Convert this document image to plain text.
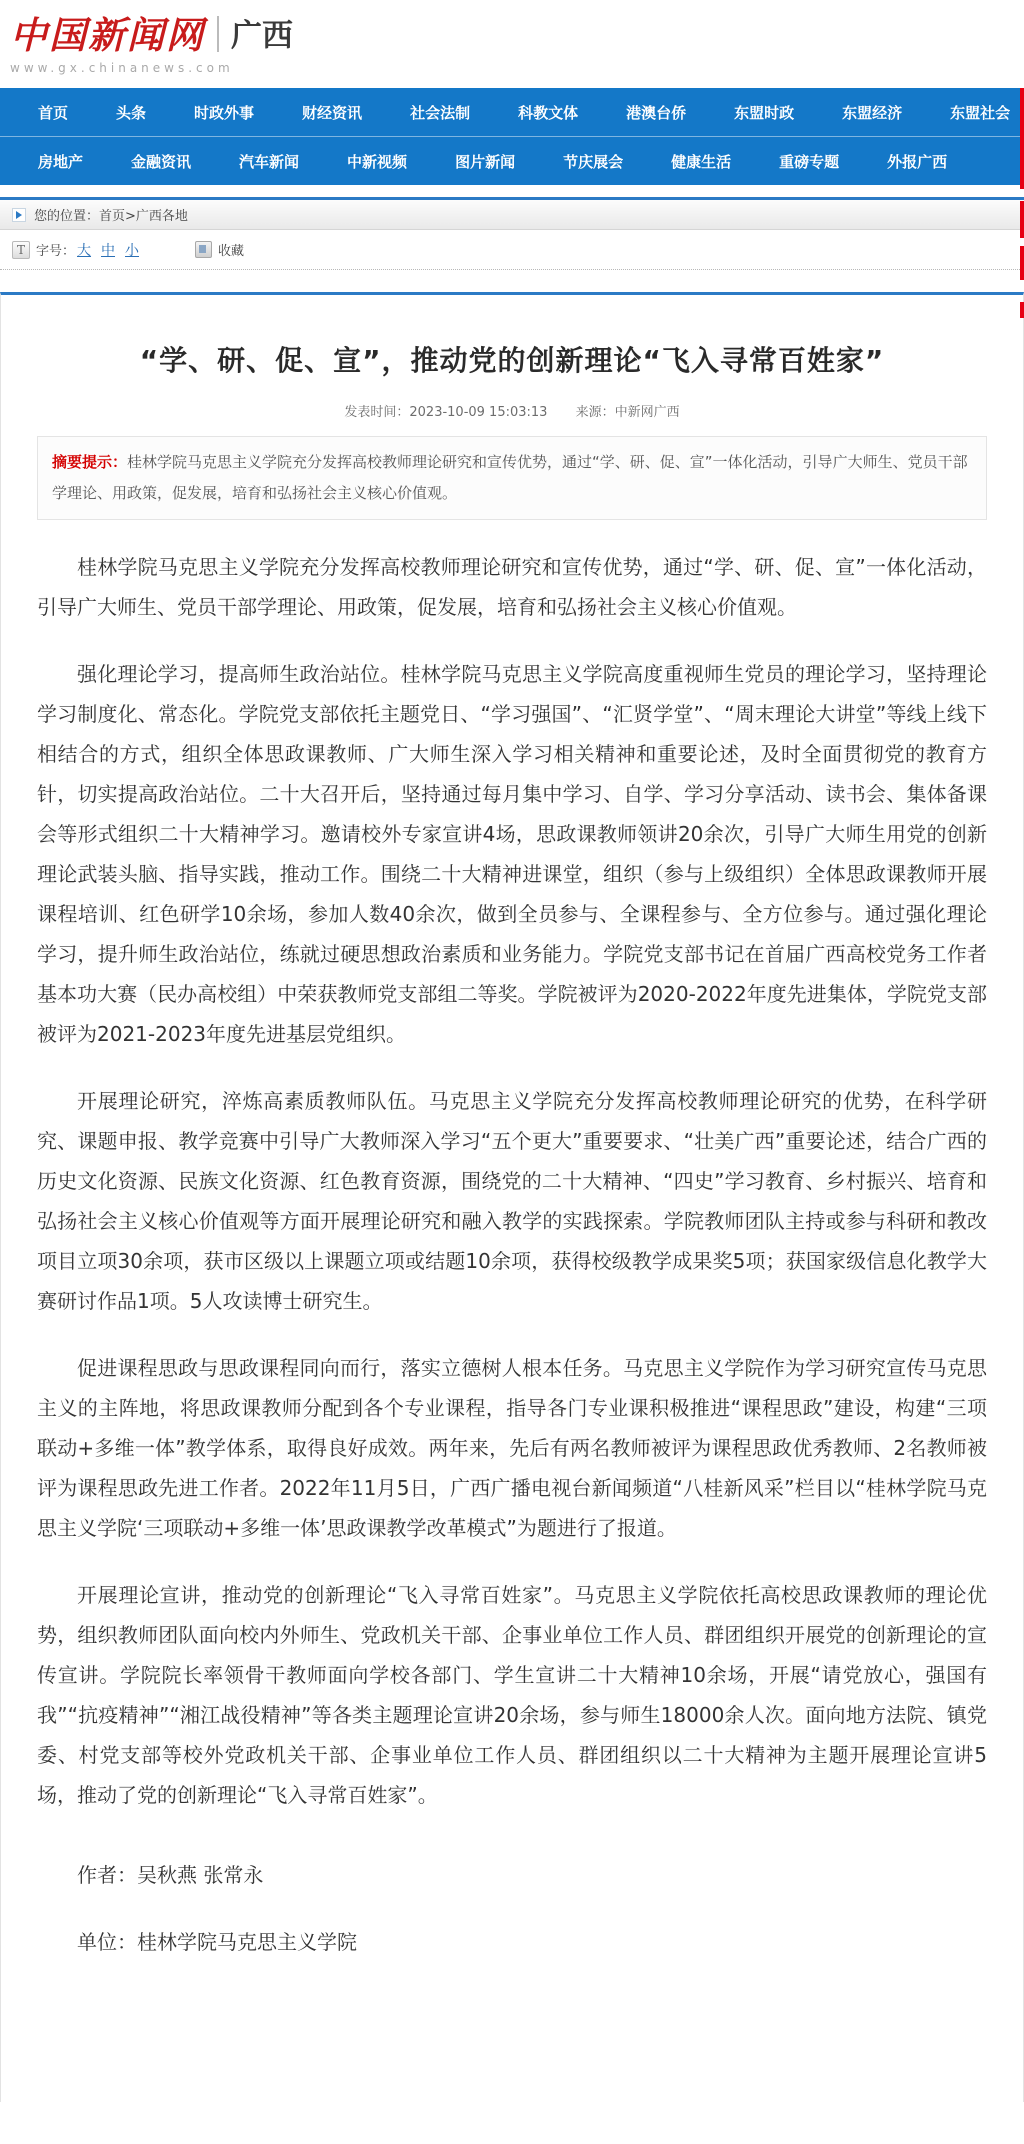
中国新闻网 广西
www.gx.chinanews.com
首页	头条	时政外事	财经资讯	社会法制	科教文体	港澳台侨	东盟时政	东盟经济	东盟社会
房地产	金融资讯	汽车新闻	中新视频	图片新闻	节庆展会	健康生活	重磅专题	外报广西
您的位置： 首页>广西各地
T 字号： 大 中 小	收藏
“学、研、促、宣”，推动党的创新理论“飞入寻常百姓家”
发表时间：2023-10-09 15:03:13 来源：中新网广西
摘要提示：桂林学院马克思主义学院充分发挥高校教师理论研究和宣传优势，通过“学、研、促、宣”一体化活动，引导广大师生、党员干部学理论、用政策，促发展，培育和弘扬社会主义核心价值观。

桂林学院马克思主义学院充分发挥高校教师理论研究和宣传优势，通过“学、研、促、宣”一体化活动，引导广大师生、党员干部学理论、用政策，促发展，培育和弘扬社会主义核心价值观。

强化理论学习，提高师生政治站位。桂林学院马克思主义学院高度重视师生党员的理论学习，坚持理论学习制度化、常态化。学院党支部依托主题党日、“学习强国”、“汇贤学堂”、“周末理论大讲堂”等线上线下相结合的方式，组织全体思政课教师、广大师生深入学习相关精神和重要论述，及时全面贯彻党的教育方针，切实提高政治站位。二十大召开后，坚持通过每月集中学习、自学、学习分享活动、读书会、集体备课会等形式组织二十大精神学习。邀请校外专家宣讲4场，思政课教师领讲20余次，引导广大师生用党的创新理论武装头脑、指导实践，推动工作。围绕二十大精神进课堂，组织（参与上级组织）全体思政课教师开展课程培训、红色研学10余场，参加人数40余次，做到全员参与、全课程参与、全方位参与。通过强化理论学习，提升师生政治站位，练就过硬思想政治素质和业务能力。学院党支部书记在首届广西高校党务工作者基本功大赛（民办高校组）中荣获教师党支部组二等奖。学院被评为2020-2022年度先进集体，学院党支部被评为2021-2023年度先进基层党组织。

开展理论研究，淬炼高素质教师队伍。马克思主义学院充分发挥高校教师理论研究的优势，在科学研究、课题申报、教学竞赛中引导广大教师深入学习“五个更大”重要要求、“壮美广西”重要论述，结合广西的历史文化资源、民族文化资源、红色教育资源，围绕党的二十大精神、“四史”学习教育、乡村振兴、培育和弘扬社会主义核心价值观等方面开展理论研究和融入教学的实践探索。学院教师团队主持或参与科研和教改项目立项30余项，获市区级以上课题立项或结题10余项，获得校级教学成果奖5项；获国家级信息化教学大赛研讨作品1项。5人攻读博士研究生。

促进课程思政与思政课程同向而行，落实立德树人根本任务。马克思主义学院作为学习研究宣传马克思主义的主阵地，将思政课教师分配到各个专业课程，指导各门专业课积极推进“课程思政”建设，构建“三项联动+多维一体”教学体系，取得良好成效。两年来，先后有两名教师被评为课程思政优秀教师、2名教师被评为课程思政先进工作者。2022年11月5日，广西广播电视台新闻频道“八桂新风采”栏目以“桂林学院马克思主义学院‘三项联动+多维一体’思政课教学改革模式”为题进行了报道。

开展理论宣讲，推动党的创新理论“飞入寻常百姓家”。马克思主义学院依托高校思政课教师的理论优势，组织教师团队面向校内外师生、党政机关干部、企事业单位工作人员、群团组织开展党的创新理论的宣传宣讲。学院院长率领骨干教师面向学校各部门、学生宣讲二十大精神10余场，开展“请党放心，强国有我”“抗疫精神”“湘江战役精神”等各类主题理论宣讲20余场，参与师生18000余人次。面向地方法院、镇党委、村党支部等校外党政机关干部、企事业单位工作人员、群团组织以二十大精神为主题开展理论宣讲5场，推动了党的创新理论“飞入寻常百姓家”。

作者：吴秋燕 张常永

单位：桂林学院马克思主义学院
